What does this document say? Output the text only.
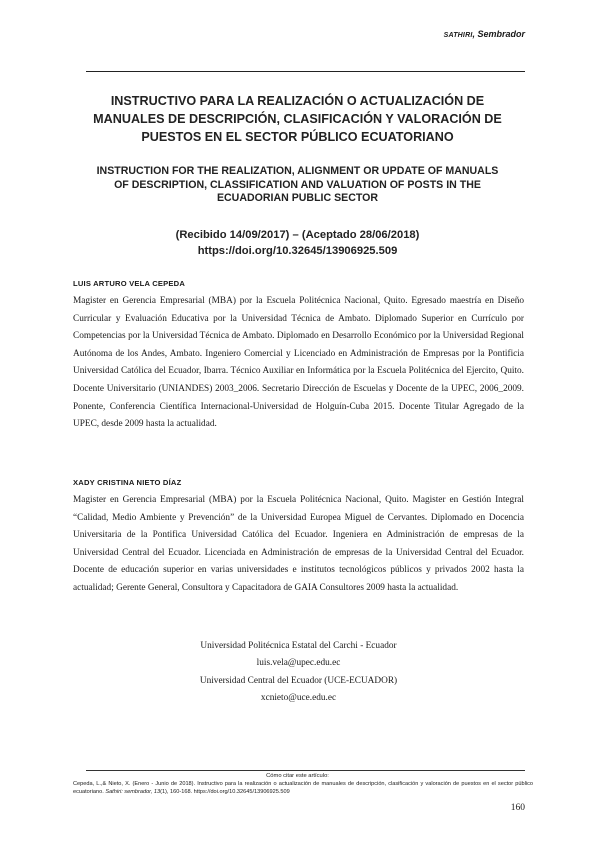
SATHIRI, Sembrador
INSTRUCTIVO PARA LA REALIZACIÓN O ACTUALIZACIÓN DE
MANUALES DE DESCRIPCIÓN, CLASIFICACIÓN Y VALORACIÓN DE
PUESTOS EN EL SECTOR PÚBLICO ECUATORIANO
INSTRUCTION FOR THE REALIZATION, ALIGNMENT OR UPDATE OF MANUALS
OF DESCRIPTION, CLASSIFICATION AND VALUATION OF POSTS IN THE
ECUADORIAN PUBLIC SECTOR
(Recibido 14/09/2017) – (Aceptado 28/06/2018)
https://doi.org/10.32645/13906925.509
LUIS ARTURO VELA CEPEDA

Magister en Gerencia Empresarial (MBA) por la Escuela Politécnica Nacional, Quito. Egresado maestría en Diseño Curricular y Evaluación Educativa por la Universidad Técnica de Ambato. Diplomado Superior en Currículo por Competencias por la Universidad Técnica de Ambato. Diplomado en Desarrollo Económico por la Universidad Regional Autónoma de los Andes, Ambato. Ingeniero Comercial y Licenciado en Administración de Empresas por la Pontificia Universidad Católica del Ecuador, Ibarra. Técnico Auxiliar en Informática por la Escuela Politécnica del Ejercito, Quito. Docente Universitario (UNIANDES) 2003_2006. Secretario Dirección de Escuelas y Docente de la UPEC, 2006_2009. Ponente, Conferencia Científica Internacional-Universidad de Holguín-Cuba 2015. Docente Titular Agregado de la UPEC, desde 2009 hasta la actualidad.

XADY CRISTINA NIETO DÍAZ

Magister en Gerencia Empresarial (MBA) por la Escuela Politécnica Nacional, Quito. Magister en Gestión Integral “Calidad, Medio Ambiente y Prevención” de la Universidad Europea Miguel de Cervantes. Diplomado en Docencia Universitaria de la Pontifica Universidad Católica del Ecuador. Ingeniera en Administración de empresas de la Universidad Central del Ecuador. Licenciada en Administración de empresas de la Universidad Central del Ecuador. Docente de educación superior en varias universidades e institutos tecnológicos públicos y privados 2002 hasta la actualidad; Gerente General, Consultora y Capacitadora de GAIA Consultores 2009 hasta la actualidad.

Universidad Politécnica Estatal del Carchi - Ecuador
luis.vela@upec.edu.ec
Universidad Central del Ecuador (UCE-ECUADOR)
xcnieto@uce.edu.ec
Cómo citar este artículo:
Cepeda, L.,& Nieto, X. (Enero - Junio de 2018). Instructivo para la realización o actualización de manuales de descripción, clasificación y valoración de puestos en el sector público ecuatoriano. Sathiri: sembrador, 13(1), 160-168. https://doi.org/10.32645/13906925.509
160
